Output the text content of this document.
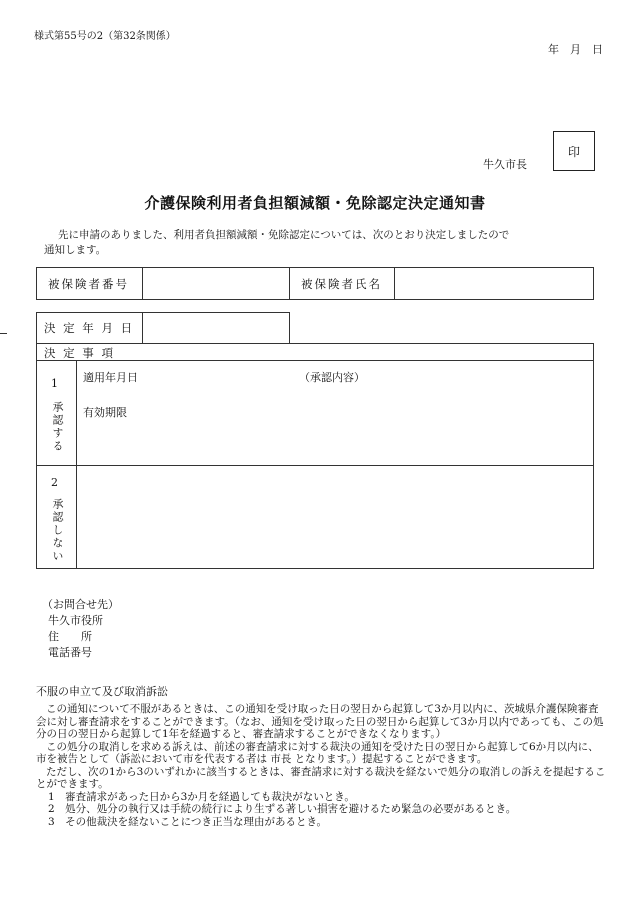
様式第55号の2（第32条関係）
年　月　日
牛久市長
印
介護保険利用者負担額減額・免除認定決定通知書
先に申請のありました、利用者負担額減額・免除認定については、次のとおり決定しましたので
通知します。
被保険者番号	被保険者氏名
決 定 年 月 日
決 定 事 項
1
承認する
適用年月日	（承認内容）
有効期限
2
承認しない
（お問合せ先）
牛久市役所
住　　所
電話番号
不服の申立て及び取消訴訟
この通知について不服があるときは、この通知を受け取った日の翌日から起算して3か月以内に、茨城県介護保険審査会に対し審査請求をすることができます。（なお、通知を受け取った日の翌日から起算して3か月以内であっても、この処分の日の翌日から起算して1年を経過すると、審査請求することができなくなります。）
この処分の取消しを求める訴えは、前述の審査請求に対する裁決の通知を受けた日の翌日から起算して6か月以内に、市を被告として（訴訟において市を代表する者は 市長 となります。）提起することができます。
ただし、次の1から3のいずれかに該当するときは、審査請求に対する裁決を経ないで処分の取消しの訴えを提起することができます。
1　審査請求があった日から3か月を経過しても裁決がないとき。
2　処分、処分の執行又は手続の続行により生ずる著しい損害を避けるため緊急の必要があるとき。
3　その他裁決を経ないことにつき正当な理由があるとき。
